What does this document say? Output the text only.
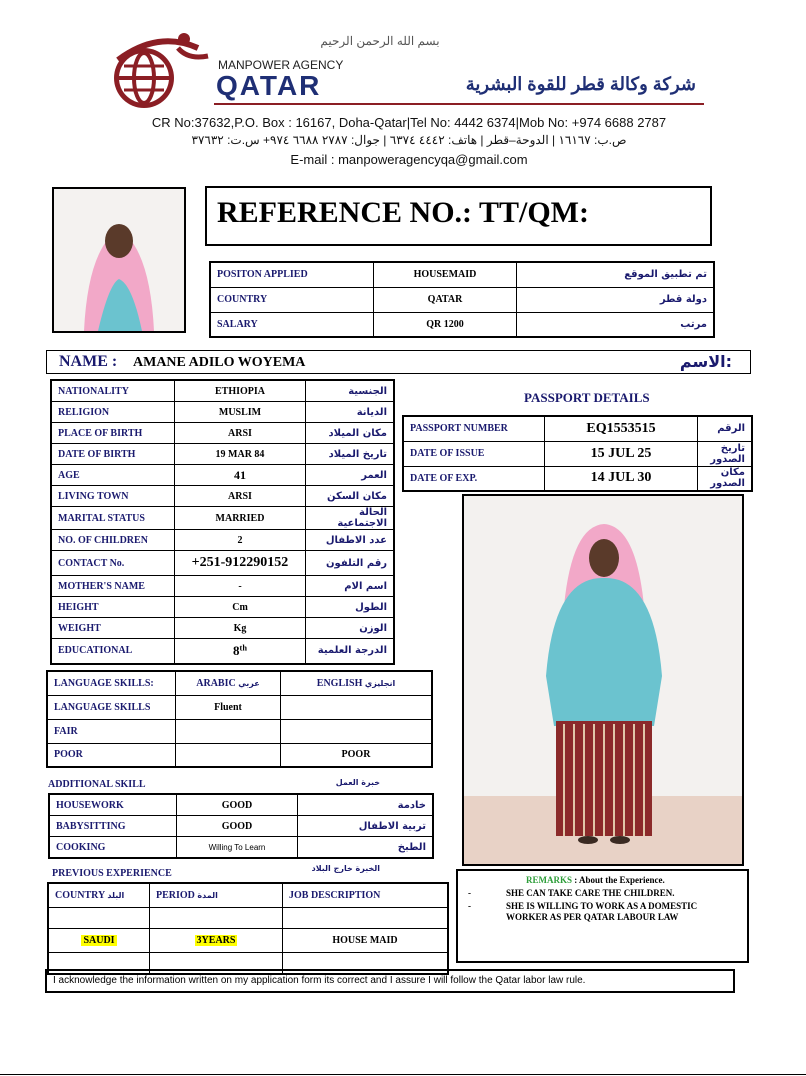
بسم الله الرحمن الرحيم
MANPOWER AGENCY
QATAR	شركة وكالة قطر للقوة البشرية
CR No:37632,P.O. Box : 16167, Doha-Qatar|Tel No: 4442 6374|Mob No: +974 6688 2787
ص.ب: ١٦١٦٧ | الدوحة–قطر | هاتف: ٤٤٤٢ ٦٣٧٤ | جوال: ٢٧٨٧ ٦٦٨٨ ٩٧٤+ س.ت: ٣٧٦٣٢
E-mail : manpoweragencyqa@gmail.com
REFERENCE NO.: TT/QM:
POSITON APPLIED	HOUSEMAID	تم تطبيق الموقع
COUNTRY	QATAR	دولة قطر
SALARY	QR 1200	مرتب
NAME : AMANE ADILO WOYEMA	الاسم:
NATIONALITY	ETHIOPIA	الجنسية
RELIGION	MUSLIM	الديانة
PLACE OF BIRTH	ARSI	مكان الميلاد
DATE OF BIRTH	19 MAR 84	تاريخ الميلاد
AGE	41	العمر
LIVING TOWN	ARSI	مكان السكن
MARITAL STATUS	MARRIED	الحالة الاجتماعية
NO. OF CHILDREN	2	عدد الاطفال
CONTACT No.	+251-912290152	رقم التلفون
MOTHER'S NAME	-	اسم الام
HEIGHT	Cm	الطول
WEIGHT	Kg	الوزن
EDUCATIONAL	8th	الدرجة العلمية
PASSPORT DETAILS
PASSPORT NUMBER	EQ1553515	الرقم
DATE OF ISSUE	15 JUL 25	تاريخ الصدور
DATE OF EXP.	14 JUL 30	مكان الصدور
LANGUAGE SKILLS:	ARABIC عربي	ENGLISH انجليزي
LANGUAGE SKILLS	Fluent	
FAIR		
POOR		POOR
ADDITIONAL SKILL	خبرة العمل
HOUSEWORK	GOOD	خادمة
BABYSITTING	GOOD	تربية الاطفال
COOKING	Willing To Learn	الطبخ
PREVIOUS EXPERIENCE	الخبرة خارج البلاد
COUNTRY البلد	PERIOD المدة	JOB DESCRIPTION

SAUDI	3YEARS	HOUSE MAID

REMARKS : About the Experience.
-	SHE CAN TAKE CARE THE CHILDREN.
-	SHE IS WILLING TO WORK AS A DOMESTIC WORKER AS PER QATAR LABOUR LAW
I acknowledge the information written on my application form its correct and I assure I will follow the Qatar labor law rule.
